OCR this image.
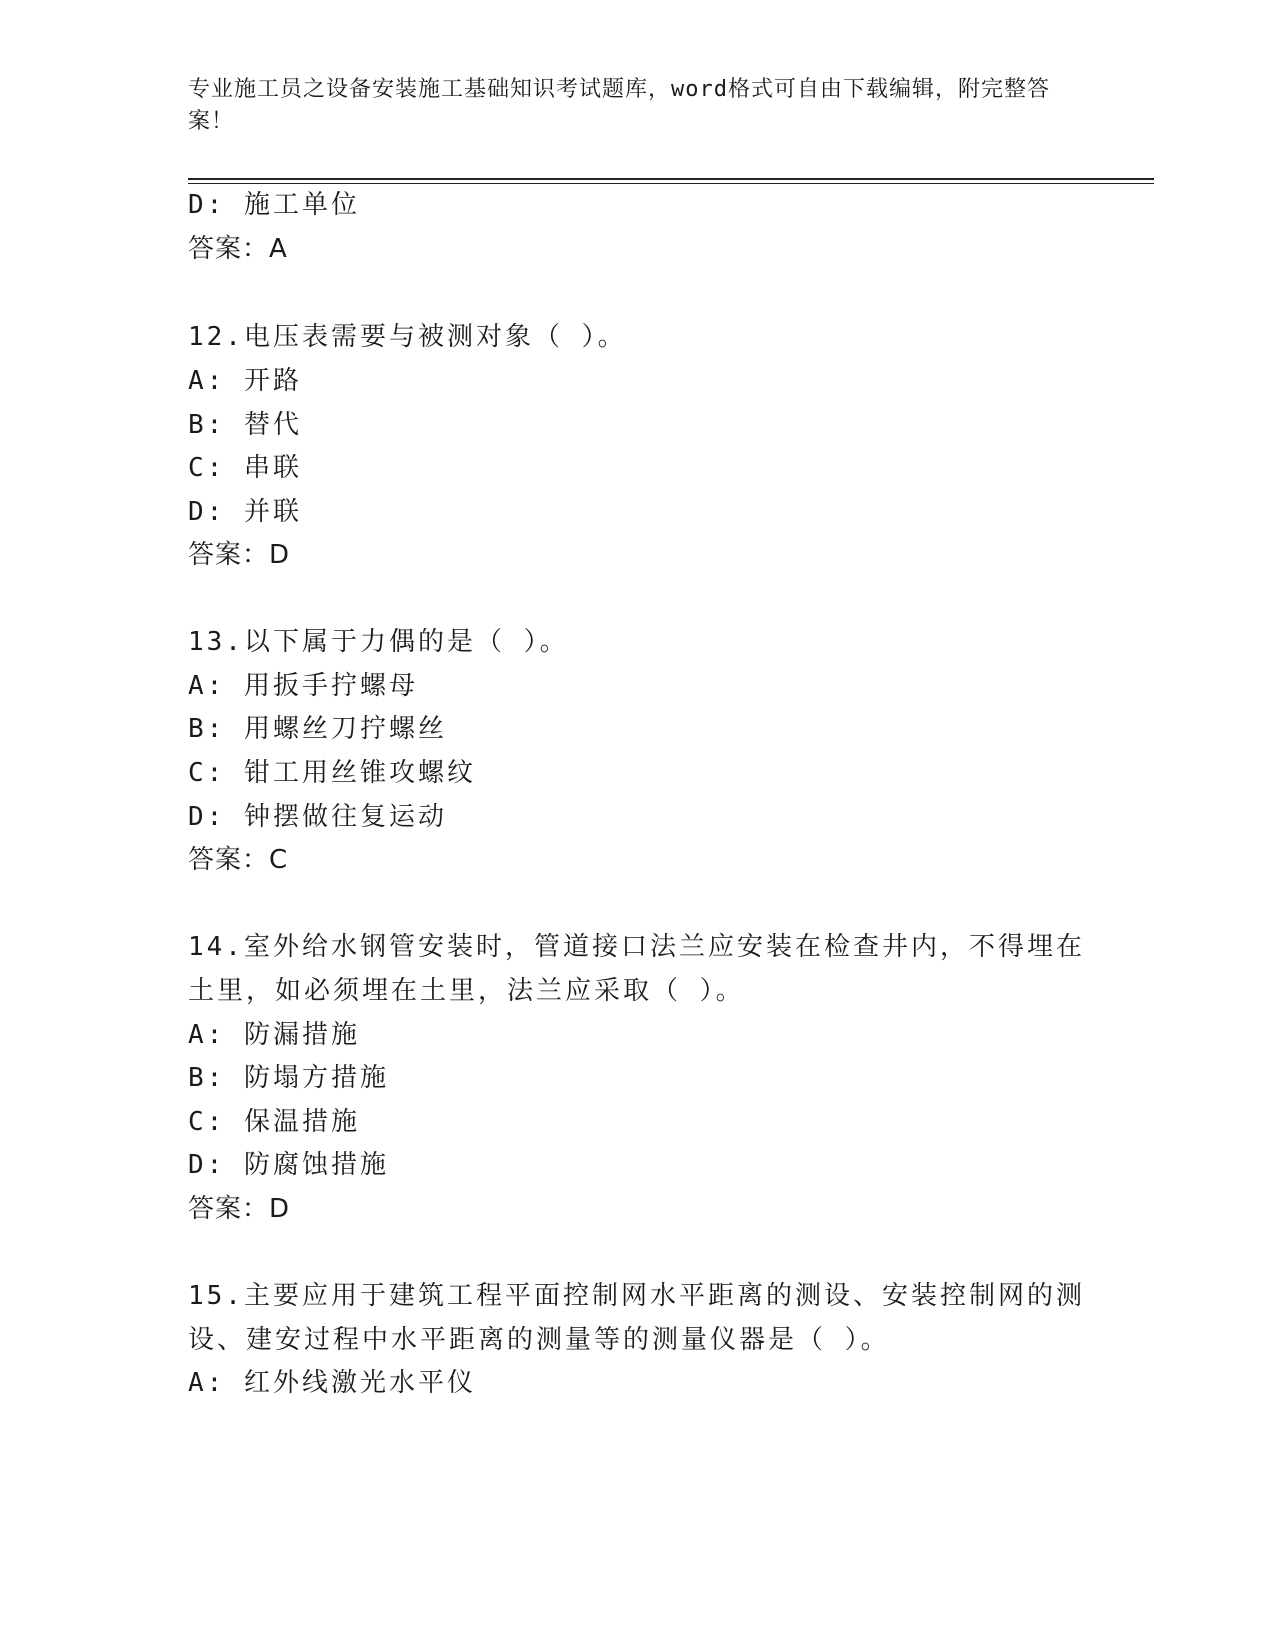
专业施工员之设备安装施工基础知识考试题库，word格式可自由下载编辑，附完整答案！
D: 施工单位
答案：A
12.电压表需要与被测对象（ ）。
A: 开路
B: 替代
C: 串联
D: 并联
答案：D
13.以下属于力偶的是（ ）。
A: 用扳手拧螺母
B: 用螺丝刀拧螺丝
C: 钳工用丝锥攻螺纹
D: 钟摆做往复运动
答案：C
14.室外给水钢管安装时，管道接口法兰应安装在检查井内，不得埋在
土里，如必须埋在土里，法兰应采取（ ）。
A: 防漏措施
B: 防塌方措施
C: 保温措施
D: 防腐蚀措施
答案：D
15.主要应用于建筑工程平面控制网水平距离的测设、安装控制网的测
设、建安过程中水平距离的测量等的测量仪器是（ ）。
A: 红外线激光水平仪
